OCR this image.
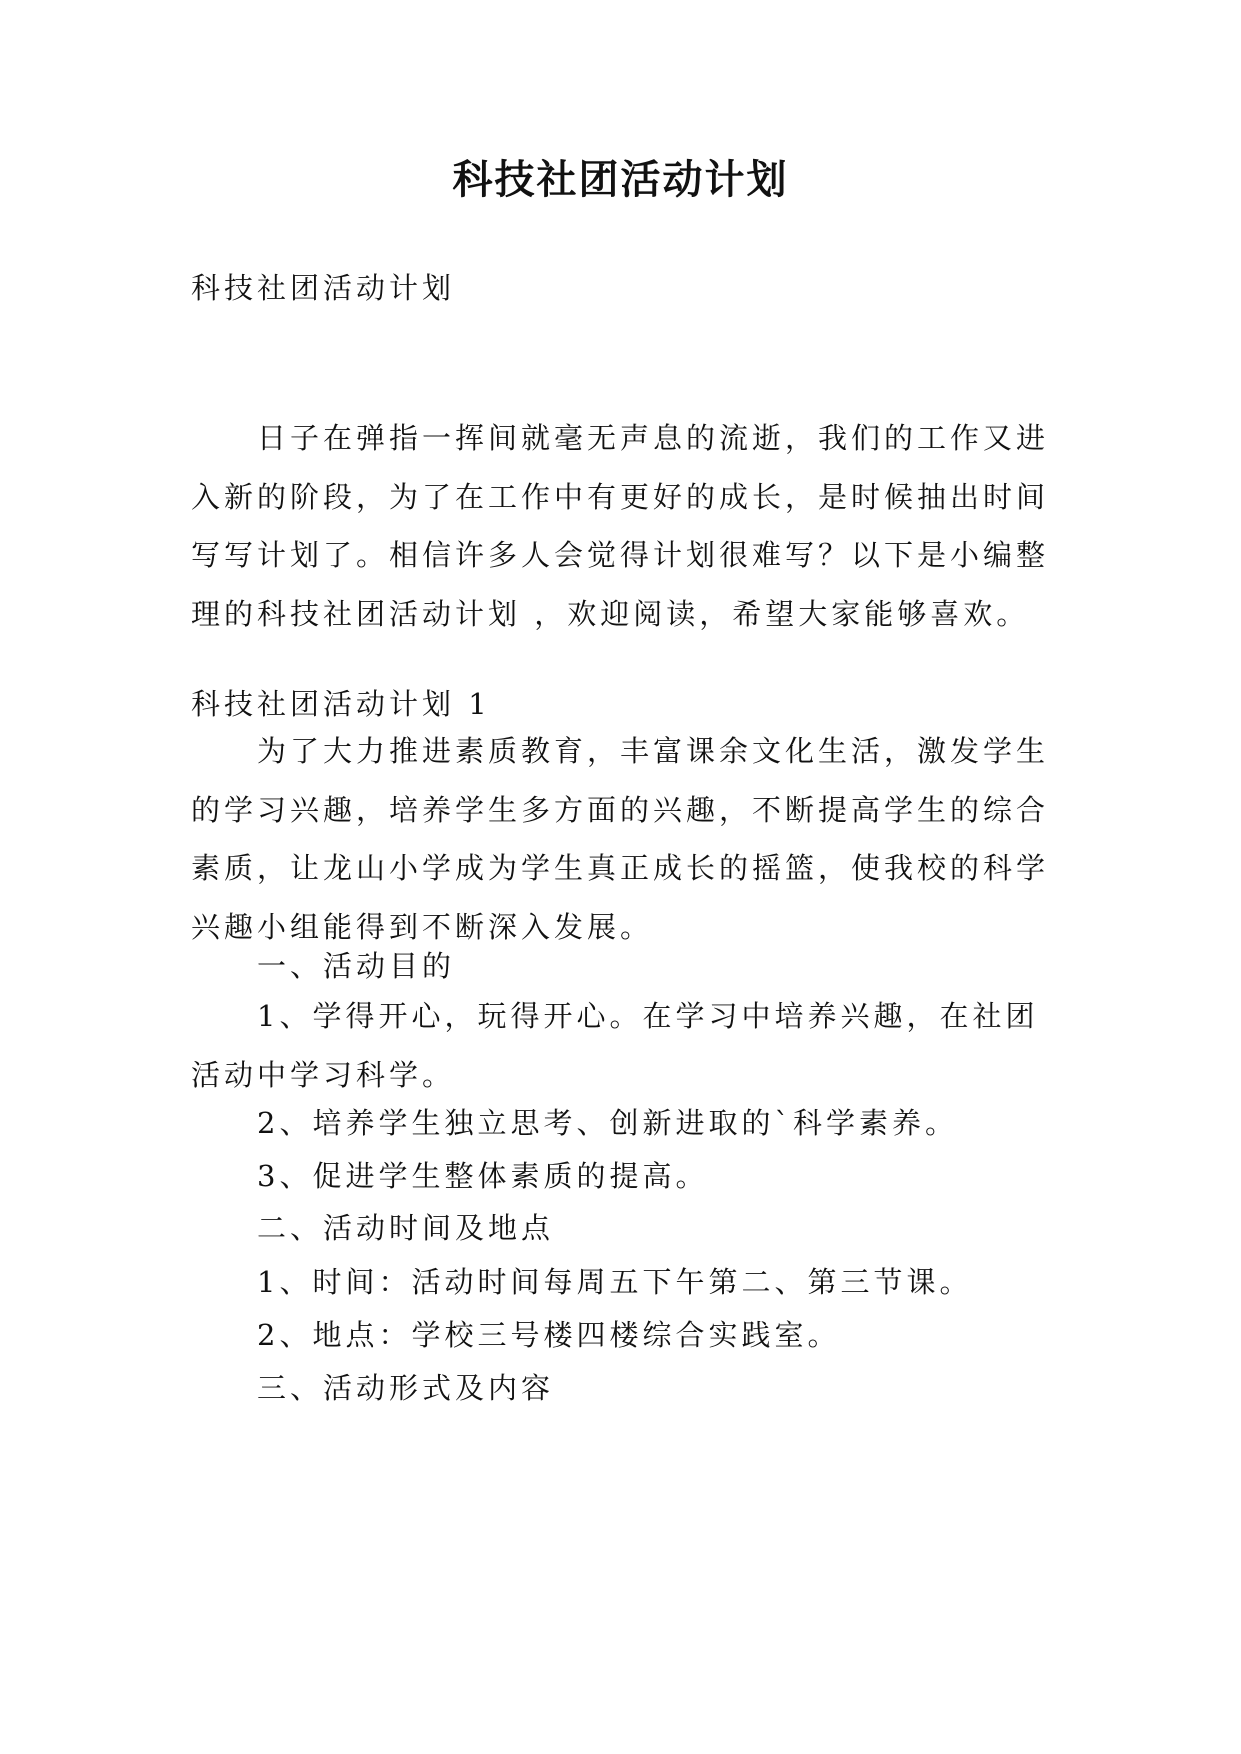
科技社团活动计划
科技社团活动计划
日子在弹指一挥间就毫无声息的流逝，我们的工作又进
入新的阶段，为了在工作中有更好的成长，是时候抽出时间
写写计划了。相信许多人会觉得计划很难写？以下是小编整
理的科技社团活动计划 ，欢迎阅读，希望大家能够喜欢。
科技社团活动计划 1
为了大力推进素质教育，丰富课余文化生活，激发学生
的学习兴趣，培养学生多方面的兴趣，不断提高学生的综合
素质，让龙山小学成为学生真正成长的摇篮，使我校的科学
兴趣小组能得到不断深入发展。
一、活动目的
1、学得开心，玩得开心。在学习中培养兴趣，在社团
活动中学习科学。
2、培养学生独立思考、创新进取的`科学素养。
3、促进学生整体素质的提高。
二、活动时间及地点
1、时间：活动时间每周五下午第二、第三节课。
2、地点：学校三号楼四楼综合实践室。
三、活动形式及内容
